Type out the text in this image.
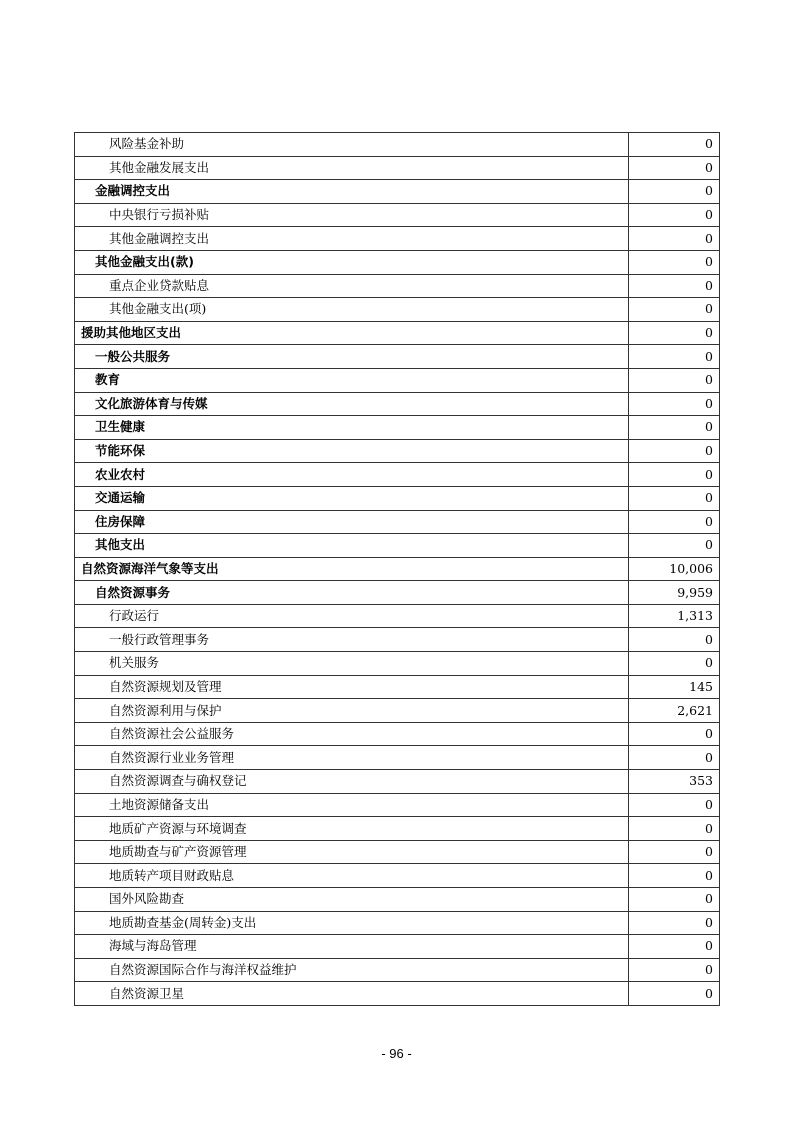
风险基金补助	0
其他金融发展支出	0
金融调控支出	0
中央银行亏损补贴	0
其他金融调控支出	0
其他金融支出(款)	0
重点企业贷款贴息	0
其他金融支出(项)	0
援助其他地区支出	0
一般公共服务	0
教育	0
文化旅游体育与传媒	0
卫生健康	0
节能环保	0
农业农村	0
交通运输	0
住房保障	0
其他支出	0
自然资源海洋气象等支出	10,006
自然资源事务	9,959
行政运行	1,313
一般行政管理事务	0
机关服务	0
自然资源规划及管理	145
自然资源利用与保护	2,621
自然资源社会公益服务	0
自然资源行业业务管理	0
自然资源调查与确权登记	353
土地资源储备支出	0
地质矿产资源与环境调查	0
地质勘查与矿产资源管理	0
地质转产项目财政贴息	0
国外风险勘查	0
地质勘查基金(周转金)支出	0
海域与海岛管理	0
自然资源国际合作与海洋权益维护	0
自然资源卫星	0
- 96 -
